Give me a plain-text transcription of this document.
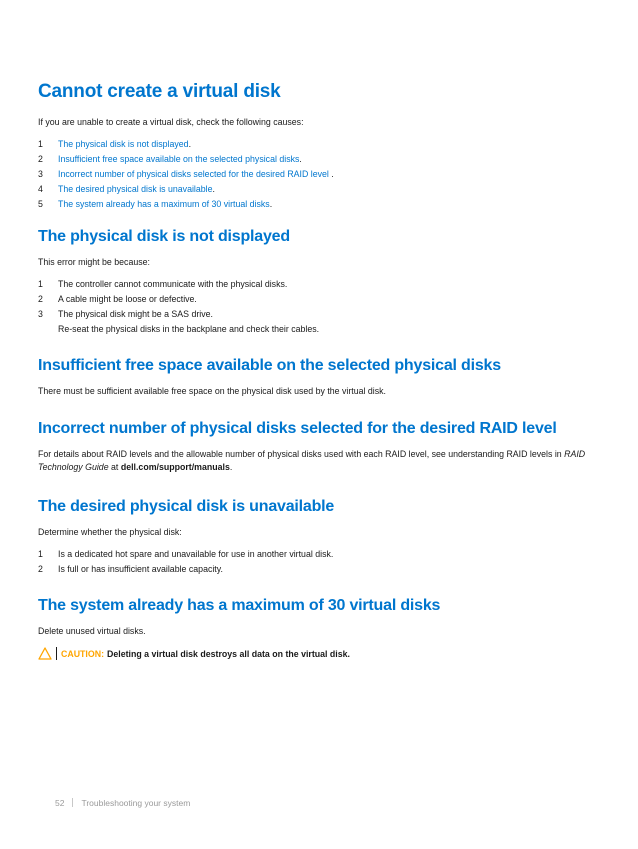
Cannot create a virtual disk

If you are unable to create a virtual disk, check the following causes:

1 The physical disk is not displayed.
2 Insufficient free space available on the selected physical disks.
3 Incorrect number of physical disks selected for the desired RAID level .
4 The desired physical disk is unavailable.
5 The system already has a maximum of 30 virtual disks.
The physical disk is not displayed

This error might be because:

1 The controller cannot communicate with the physical disks.
2 A cable might be loose or defective.
3 The physical disk might be a SAS drive.
Re-seat the physical disks in the backplane and check their cables.
Insufficient free space available on the selected physical disks

There must be sufficient available free space on the physical disk used by the virtual disk.

Incorrect number of physical disks selected for the desired RAID level

For details about RAID levels and the allowable number of physical disks used with each RAID level, see understanding RAID levels in RAID Technology Guide at dell.com/support/manuals.

The desired physical disk is unavailable

Determine whether the physical disk:

1 Is a dedicated hot spare and unavailable for use in another virtual disk.
2 Is full or has insufficient available capacity.
The system already has a maximum of 30 virtual disks

Delete unused virtual disks.

CAUTION: Deleting a virtual disk destroys all data on the virtual disk.
52 Troubleshooting your system
